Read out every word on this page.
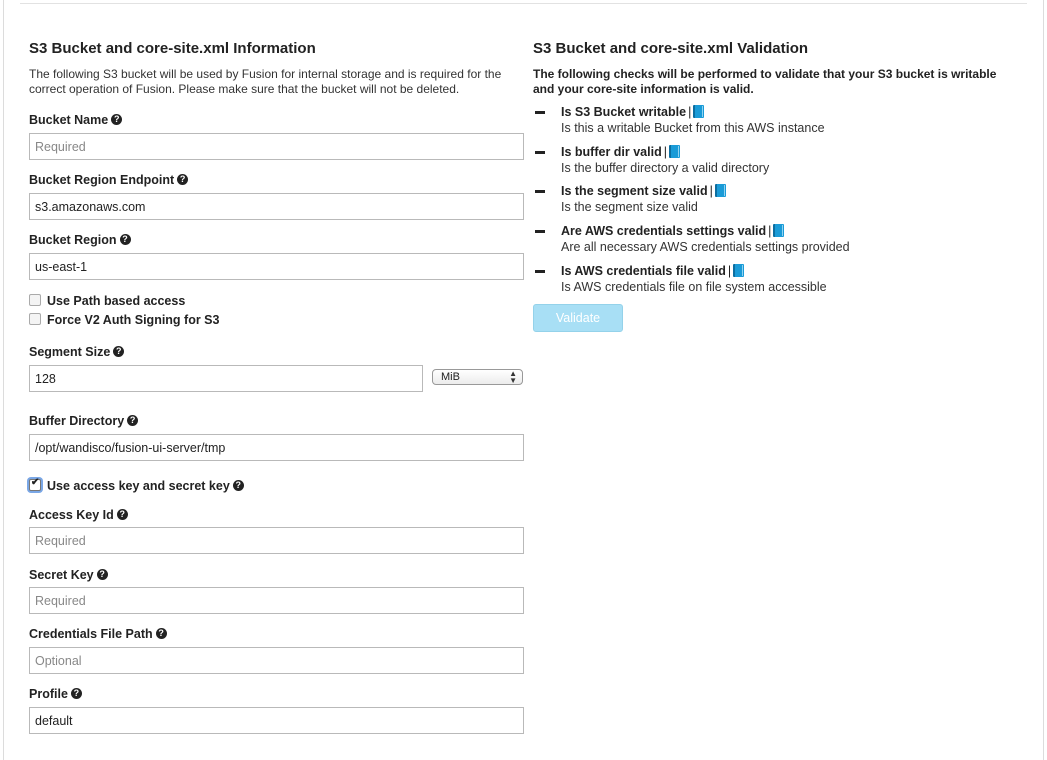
S3 Bucket and core-site.xml Information
The following S3 bucket will be used by Fusion for internal storage and is required for the correct operation of Fusion. Please make sure that the bucket will not be deleted.
Bucket Name ?
Required
Bucket Region Endpoint ?
s3.amazonaws.com
Bucket Region ?
us-east-1
Use Path based access
Force V2 Auth Signing for S3
Segment Size ?
128
MiB	▲
▼
Buffer Directory ?
/opt/wandisco/fusion-ui-server/tmp
✔Use access key and secret key ?
Access Key Id ?
Required
Secret Key ?
Required
Credentials File Path ?
Optional
Profile ?
default
S3 Bucket and core-site.xml Validation
The following checks will be performed to validate that your S3 bucket is writable and your core-site information is valid.
Is S3 Bucket writable |
Is this a writable Bucket from this AWS instance
Is buffer dir valid |
Is the buffer directory a valid directory
Is the segment size valid |
Is the segment size valid
Are AWS credentials settings valid |
Are all necessary AWS credentials settings provided
Is AWS credentials file valid |
Is AWS credentials file on file system accessible
Validate
